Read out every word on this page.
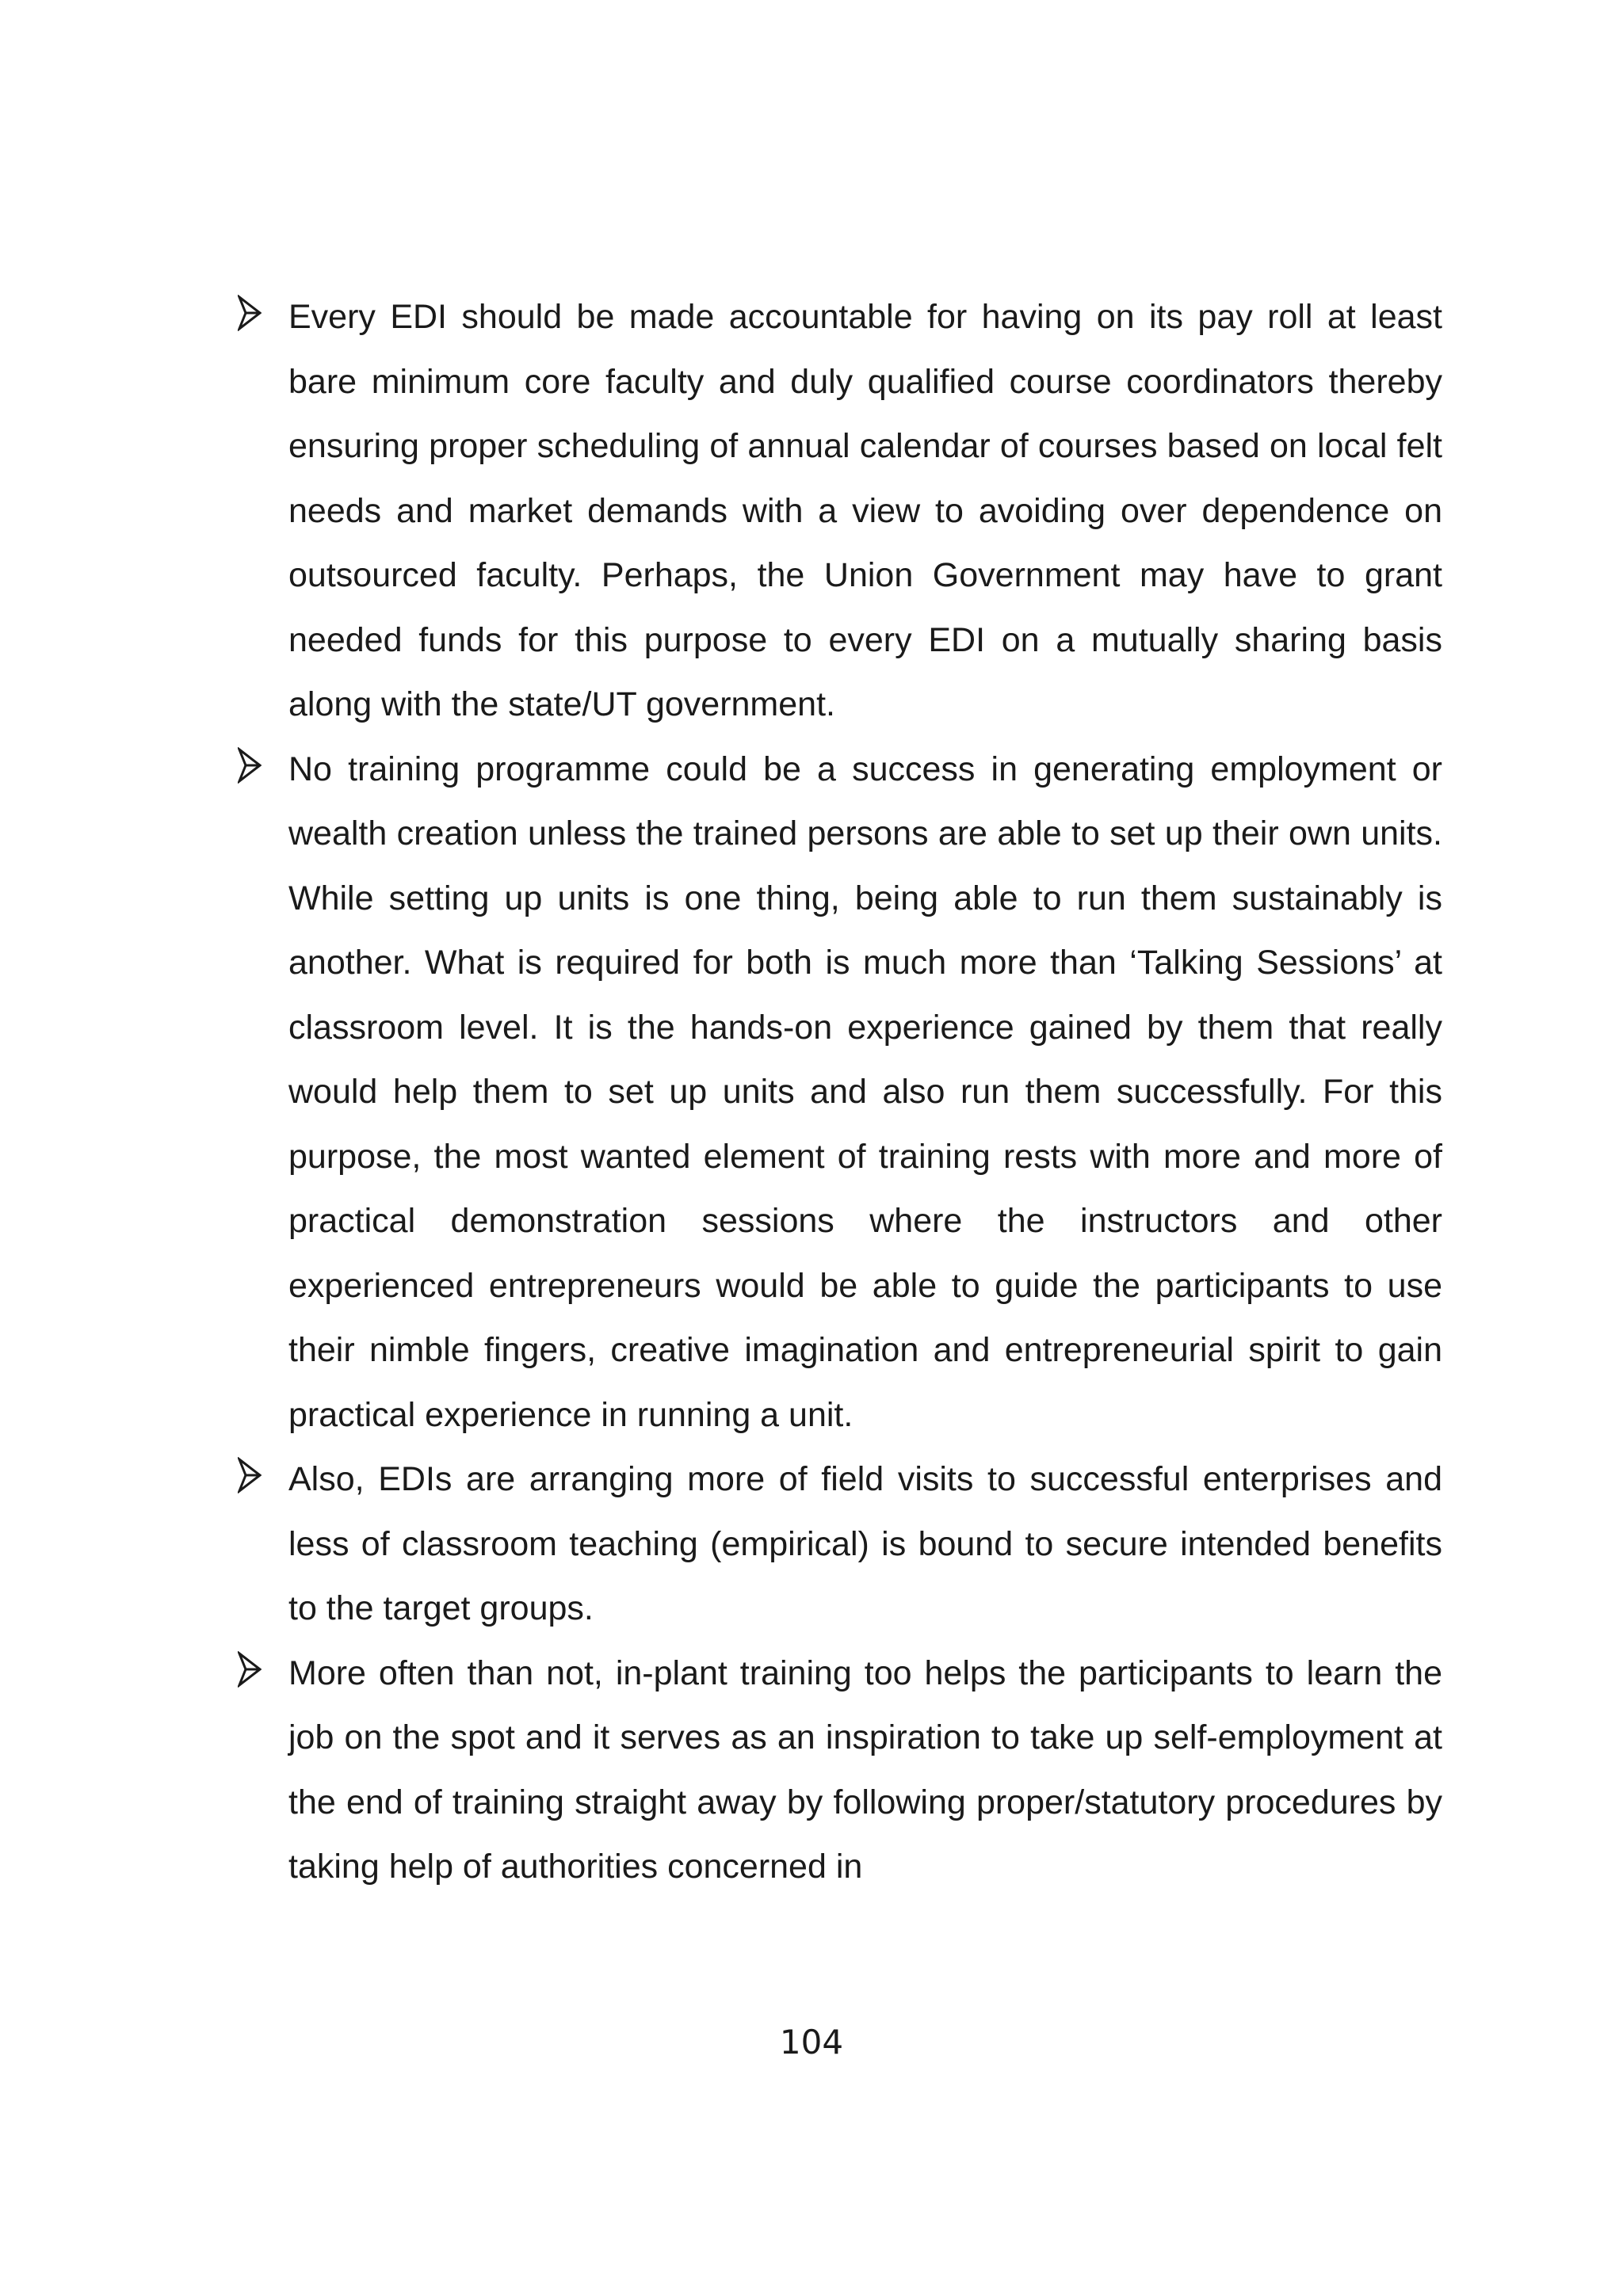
Every EDI should be made accountable for having on its pay roll at least bare minimum core faculty and duly qualified course coordinators thereby ensuring proper scheduling of annual calendar of courses based on local felt needs and market demands with a view to avoiding over dependence on outsourced faculty. Perhaps, the Union Government may have to grant needed funds for this purpose to every EDI on a mutually sharing basis along with the state/UT government.

No training programme could be a success in generating employment or wealth creation unless the trained persons are able to set up their own units. While setting up units is one thing, being able to run them sustainably is another. What is required for both is much more than ‘Talking Sessions’ at classroom level. It is the hands-on experience gained by them that really would help them to set up units and also run them successfully. For this purpose, the most wanted element of training rests with more and more of practical demonstration sessions where the instructors and other experienced entrepreneurs would be able to guide the participants to use their nimble fingers, creative imagination and entrepreneurial spirit to gain practical experience in running a unit.

Also, EDIs are arranging more of field visits to successful enterprises and less of classroom teaching (empirical) is bound to secure intended benefits to the target groups.

More often than not, in-plant training too helps the participants to learn the job on the spot and it serves as an inspiration to take up self-employment at the end of training straight away by following proper/statutory procedures by taking help of authorities concerned in

104
